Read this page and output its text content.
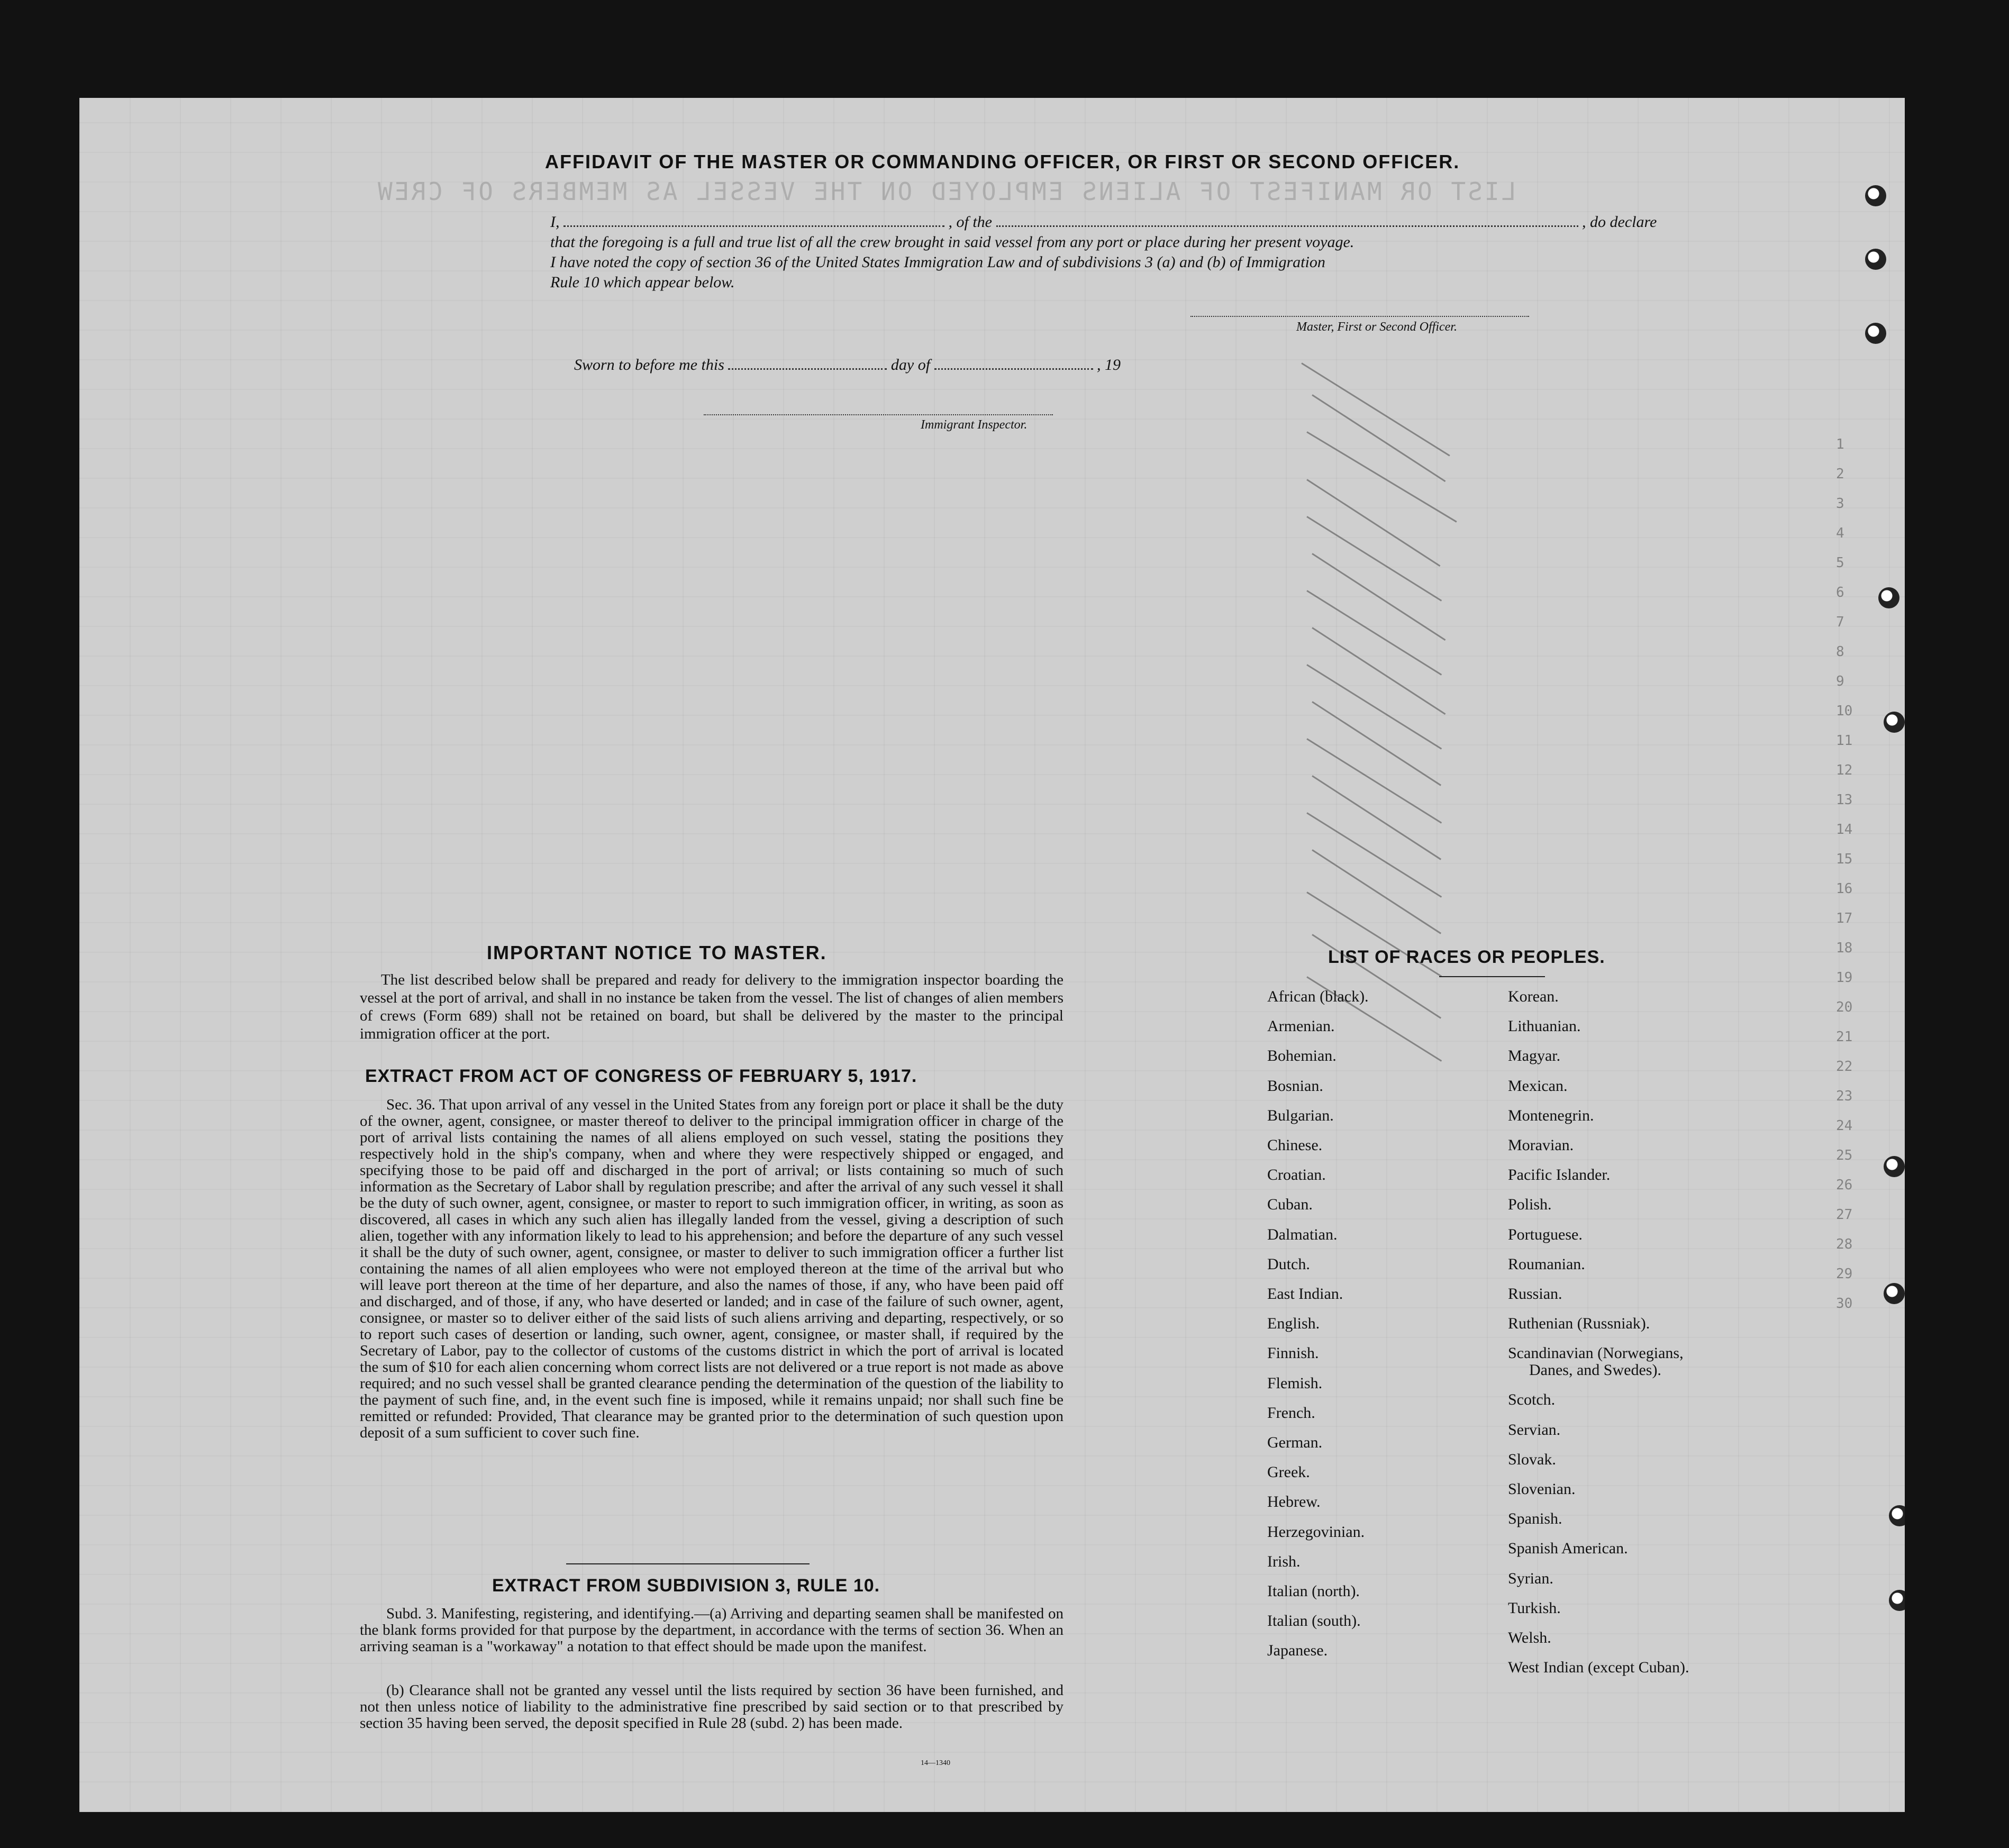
LIST OR MANIFEST OF ALIENS EMPLOYED ON THE VESSEL AS MEMBERS OF CREW
AFFIDAVIT OF THE MASTER OR COMMANDING OFFICER, OR FIRST OR SECOND OFFICER.
I,	, of the	, do declare
that the foregoing is a full and true list of all the crew brought in said vessel from any port or place during her present voyage.
I have noted the copy of section 36 of the United States Immigration Law and of subdivisions 3 (a) and (b) of Immigration
Rule 10 which appear below.
Master, First or Second Officer.
Sworn to before me this	day of	, 19
Immigrant Inspector.
1
2
3
4
5
6
7
8
9
10
11
12
13
14
15
16
17
18
19
20
21
22
23
24
25
26
27
28
29
30
IMPORTANT NOTICE TO MASTER.
The list described below shall be prepared and ready for delivery to the immigration inspector boarding the vessel at the port of arrival, and shall in no instance be taken from the vessel. The list of changes of alien members of crews (Form 689) shall not be retained on board, but shall be delivered by the master to the principal immigration officer at the port.
EXTRACT FROM ACT OF CONGRESS OF FEBRUARY 5, 1917.
Sec. 36. That upon arrival of any vessel in the United States from any foreign port or place it shall be the duty of the owner, agent, consignee, or master thereof to deliver to the principal immigration officer in charge of the port of arrival lists containing the names of all aliens employed on such vessel, stating the positions they respectively hold in the ship's company, when and where they were respectively shipped or engaged, and specifying those to be paid off and discharged in the port of arrival; or lists containing so much of such information as the Secretary of Labor shall by regulation prescribe; and after the arrival of any such vessel it shall be the duty of such owner, agent, consignee, or master to report to such immigration officer, in writing, as soon as discovered, all cases in which any such alien has illegally landed from the vessel, giving a description of such alien, together with any information likely to lead to his apprehension; and before the departure of any such vessel it shall be the duty of such owner, agent, consignee, or master to deliver to such immigration officer a further list containing the names of all alien employees who were not employed thereon at the time of the arrival but who will leave port thereon at the time of her departure, and also the names of those, if any, who have been paid off and discharged, and of those, if any, who have deserted or landed; and in case of the failure of such owner, agent, consignee, or master so to deliver either of the said lists of such aliens arriving and departing, respectively, or so to report such cases of desertion or landing, such owner, agent, consignee, or master shall, if required by the Secretary of Labor, pay to the collector of customs of the customs district in which the port of arrival is located the sum of $10 for each alien concerning whom correct lists are not delivered or a true report is not made as above required; and no such vessel shall be granted clearance pending the determination of the question of the liability to the payment of such fine, and, in the event such fine is imposed, while it remains unpaid; nor shall such fine be remitted or refunded: Provided, That clearance may be granted prior to the determination of such question upon deposit of a sum sufficient to cover such fine.
EXTRACT FROM SUBDIVISION 3, RULE 10.
Subd. 3. Manifesting, registering, and identifying.—(a) Arriving and departing seamen shall be manifested on the blank forms provided for that purpose by the department, in accordance with the terms of section 36. When an arriving seaman is a "workaway" a notation to that effect should be made upon the manifest.
(b) Clearance shall not be granted any vessel until the lists required by section 36 have been furnished, and not then unless notice of liability to the administrative fine prescribed by said section or to that prescribed by section 35 having been served, the deposit specified in Rule 28 (subd. 2) has been made.
14—1340
LIST OF RACES OR PEOPLES.
African (black).
Armenian.
Bohemian.
Bosnian.
Bulgarian.
Chinese.
Croatian.
Cuban.
Dalmatian.
Dutch.
East Indian.
English.
Finnish.
Flemish.
French.
German.
Greek.
Hebrew.
Herzegovinian.
Irish.
Italian (north).
Italian (south).
Japanese.
Korean.
Lithuanian.
Magyar.
Mexican.
Montenegrin.
Moravian.
Pacific Islander.
Polish.
Portuguese.
Roumanian.
Russian.
Ruthenian (Russniak).
Scandinavian (Norwegians,
Danes, and Swedes).
Scotch.
Servian.
Slovak.
Slovenian.
Spanish.
Spanish American.
Syrian.
Turkish.
Welsh.
West Indian (except Cuban).
